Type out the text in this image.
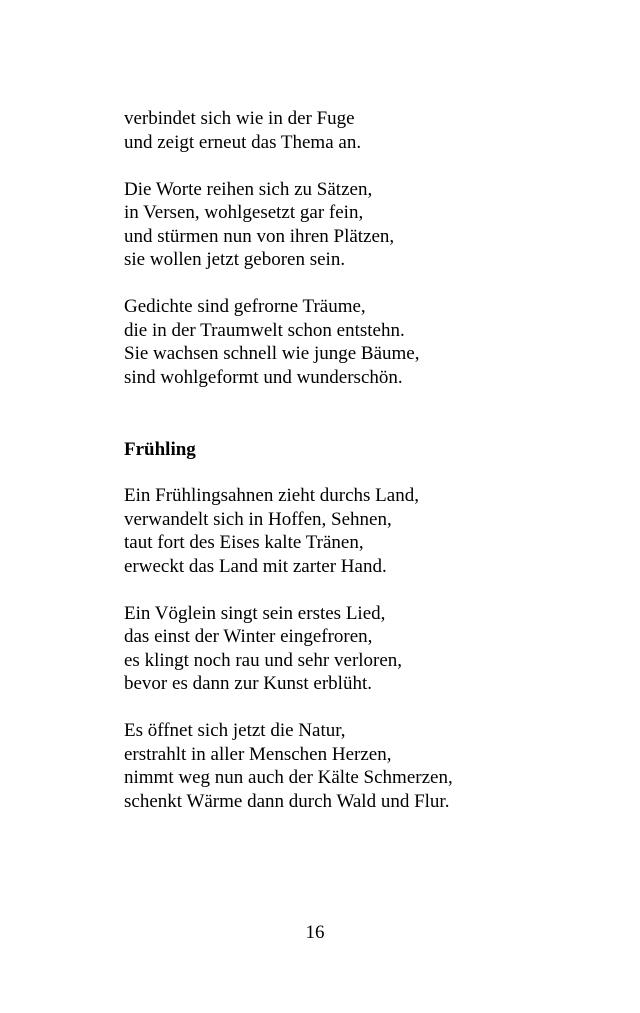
verbindet sich wie in der Fuge
und zeigt erneut das Thema an.

Die Worte reihen sich zu Sätzen,
in Versen, wohlgesetzt gar fein,
und stürmen nun von ihren Plätzen,
sie wollen jetzt geboren sein.

Gedichte sind gefrorne Träume,
die in der Traumwelt schon entstehn.
Sie wachsen schnell wie junge Bäume,
sind wohlgeformt und wunderschön.

Frühling

Ein Frühlingsahnen zieht durchs Land,
verwandelt sich in Hoffen, Sehnen,
taut fort des Eises kalte Tränen,
erweckt das Land mit zarter Hand.

Ein Vöglein singt sein erstes Lied,
das einst der Winter eingefroren,
es klingt noch rau und sehr verloren,
bevor es dann zur Kunst erblüht.

Es öffnet sich jetzt die Natur,
erstrahlt in aller Menschen Herzen,
nimmt weg nun auch der Kälte Schmerzen,
schenkt Wärme dann durch Wald und Flur.

16
